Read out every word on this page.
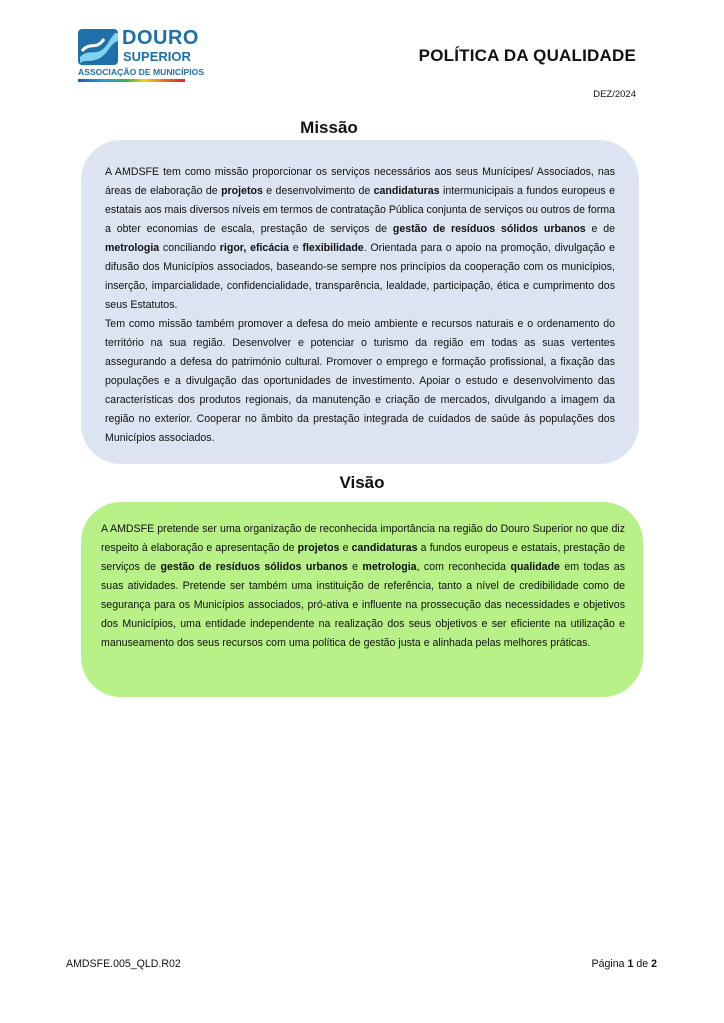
DOURO
SUPERIOR
ASSOCIAÇÃO DE MUNICÍPIOS
POLÍTICA DA QUALIDADE
DEZ/2024
Missão

A AMDSFE tem como missão proporcionar os serviços necessários aos seus Munícipes/ Associados, nas áreas de elaboração de projetos e desenvolvimento de candidaturas intermunicipais a fundos europeus e estatais aos mais diversos níveis em termos de contratação Pública conjunta de serviços ou outros de forma a obter economias de escala, prestação de serviços de gestão de resíduos sólidos urbanos e de metrologia conciliando rigor, eficácia e flexibilidade. Orientada para o apoio na promoção, divulgação e difusão dos Municípios associados, baseando-se sempre nos princípios da cooperação com os municípios, inserção, imparcialidade, confidencialidade, transparência, lealdade, participação, ética e cumprimento dos seus Estatutos.

Tem como missão também promover a defesa do meio ambiente e recursos naturais e o ordenamento do território na sua região. Desenvolver e potenciar o turismo da região em todas as suas vertentes assegurando a defesa do património cultural. Promover o emprego e formação profissional, a fixação das populações e a divulgação das oportunidades de investimento. Apoiar o estudo e desenvolvimento das características dos produtos regionais, da manutenção e criação de mercados, divulgando a imagem da região no exterior. Cooperar no âmbito da prestação integrada de cuidados de saúde ás populações dos Municípios associados.

Visão

A AMDSFE pretende ser uma organização de reconhecida importância na região do Douro Superior no que diz respeito à elaboração e apresentação de projetos e candidaturas a fundos europeus e estatais, prestação de serviços de gestão de resíduos sólidos urbanos e metrologia, com reconhecida qualidade em todas as suas atividades. Pretende ser também uma instituição de referência, tanto a nível de credibilidade como de segurança para os Municípios associados, pró-ativa e influente na prossecução das necessidades e objetivos dos Municípios, uma entidade independente na realização dos seus objetivos e ser eficiente na utilização e manuseamento dos seus recursos com uma política de gestão justa e alinhada pelas melhores práticas.

AMDSFE.005_QLD.R02	Página 1 de 2
